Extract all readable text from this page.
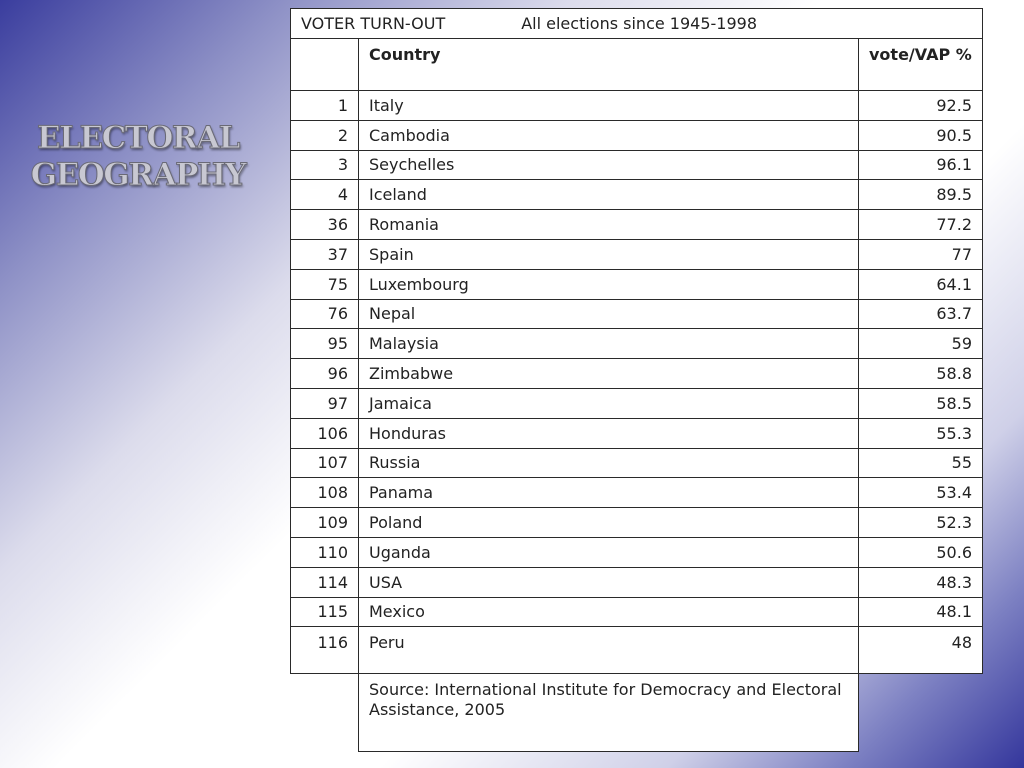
ELECTORAL
GEOGRAPHY
VOTER TURN-OUT All elections since 1945-1998		
	Country	vote/VAP %
1	Italy	92.5
2	Cambodia	90.5
3	Seychelles	96.1
4	Iceland	89.5
36	Romania	77.2
37	Spain	77
75	Luxembourg	64.1
76	Nepal	63.7
95	Malaysia	59
96	Zimbabwe	58.8
97	Jamaica	58.5
106	Honduras	55.3
107	Russia	55
108	Panama	53.4
109	Poland	52.3
110	Uganda	50.6
114	USA	48.3
115	Mexico	48.1
116	Peru	48
	Source: International Institute for Democracy and Electoral Assistance, 2005	
